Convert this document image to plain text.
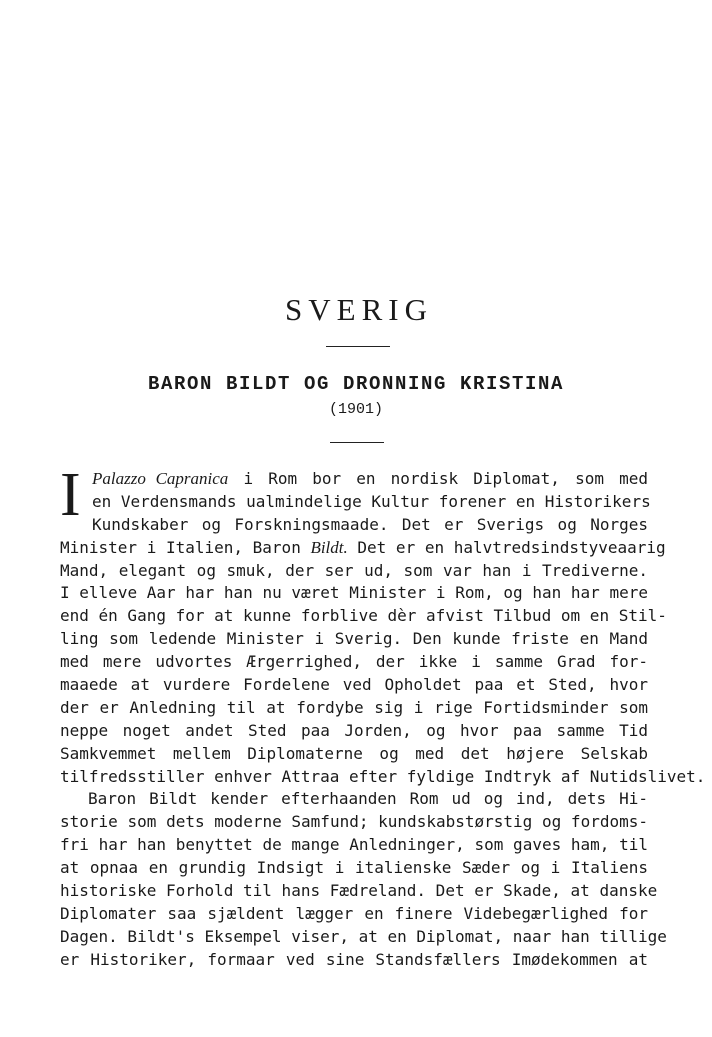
SVERIG
BARON BILDT OG DRONNING KRISTINA
(1901)
I Palazzo Capranica i Rom bor en nordisk Diplomat, som med
en Verdensmands ualmindelige Kultur forener en Historikers
Kundskaber og Forskningsmaade. Det er Sverigs og Norges
Minister i Italien, Baron Bildt. Det er en halvtredsindstyveaarig
Mand, elegant og smuk, der ser ud, som var han i Trediverne.
I elleve Aar har han nu været Minister i Rom, og han har mere
end én Gang for at kunne forblive dèr afvist Tilbud om en Stil-
ling som ledende Minister i Sverig. Den kunde friste en Mand
med mere udvortes Ærgerrighed, der ikke i samme Grad for-
maaede at vurdere Fordelene ved Opholdet paa et Sted, hvor
der er Anledning til at fordybe sig i rige Fortidsminder som
neppe noget andet Sted paa Jorden, og hvor paa samme Tid
Samkvemmet mellem Diplomaterne og med det højere Selskab
tilfredsstiller enhver Attraa efter fyldige Indtryk af Nutidslivet.
Baron Bildt kender efterhaanden Rom ud og ind, dets Hi-
storie som dets moderne Samfund; kundskabstørstig og fordoms-
fri har han benyttet de mange Anledninger, som gaves ham, til
at opnaa en grundig Indsigt i italienske Sæder og i Italiens
historiske Forhold til hans Fædreland. Det er Skade, at danske
Diplomater saa sjældent lægger en finere Videbegærlighed for
Dagen. Bildt's Eksempel viser, at en Diplomat, naar han tillige
er Historiker, formaar ved sine Standsfællers Imødekommen at
